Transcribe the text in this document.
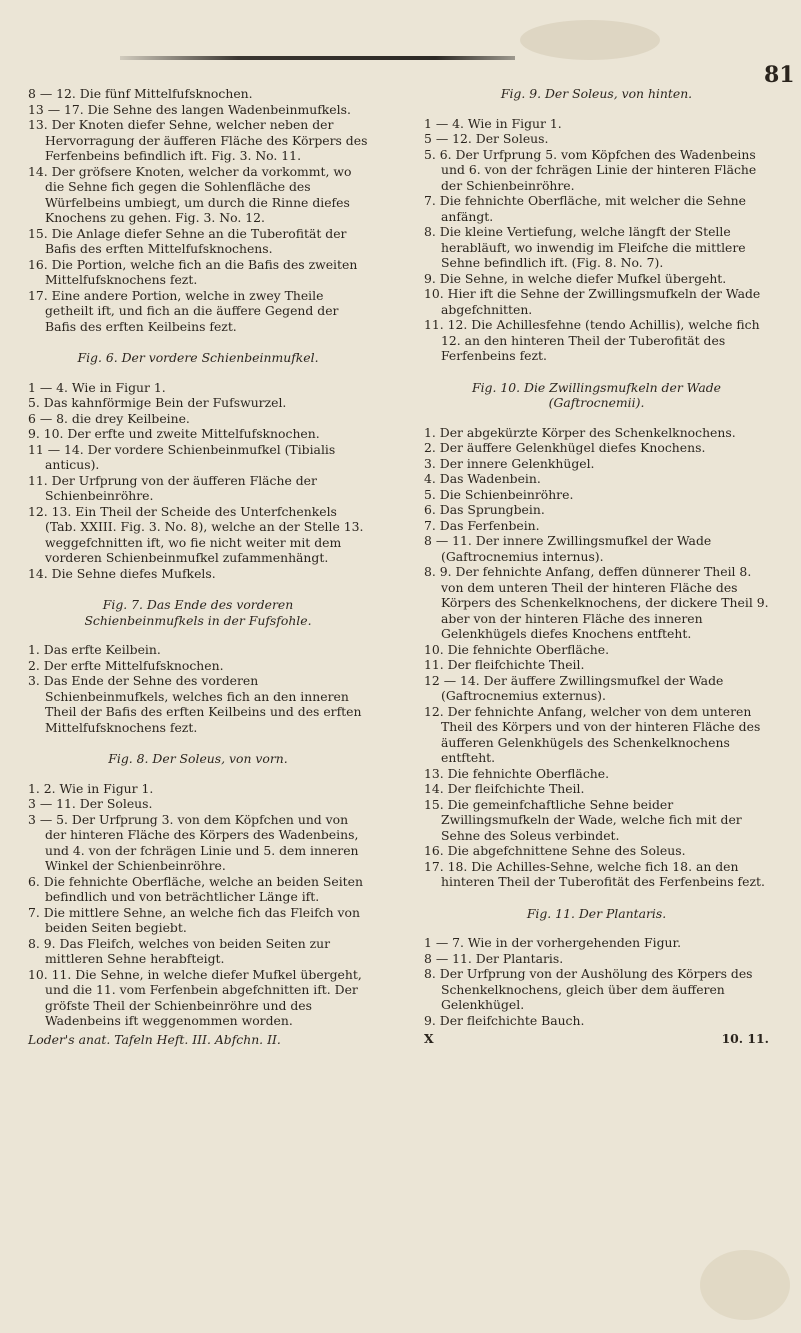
81

8 — 12. Die fünf Mittelfufsknochen.

13 — 17. Die Sehne des langen Wadenbeinmufkels.

13. Der Knoten diefer Sehne, welcher neben der Hervorragung der äufferen Fläche des Körpers des Ferfenbeins befindlich ift. Fig. 3. No. 11.

14. Der gröfsere Knoten, welcher da vorkommt, wo die Sehne fich gegen die Sohlenfläche des Würfelbeins umbiegt, um durch die Rinne diefes Knochens zu gehen. Fig. 3. No. 12.

15. Die Anlage diefer Sehne an die Tuberofität der Bafis des erften Mittelfufsknochens.

16. Die Portion, welche fich an die Bafis des zweiten Mittelfufsknochens fezt.

17. Eine andere Portion, welche in zwey Theile getheilt ift, und fich an die äuffere Gegend der Bafis des erften Keilbeins fezt.

Fig. 6. Der vordere Schienbeinmufkel.

1 — 4. Wie in Figur 1.

5. Das kahnförmige Bein der Fufswurzel.

6 — 8. die drey Keilbeine.

9. 10. Der erfte und zweite Mittelfufsknochen.

11 — 14. Der vordere Schienbeinmufkel (Tibialis anticus).

11. Der Urfprung von der äufferen Fläche der Schienbeinröhre.

12. 13. Ein Theil der Scheide des Unterfchenkels (Tab. XXIII. Fig. 3. No. 8), welche an der Stelle 13. weggefchnitten ift, wo fie nicht weiter mit dem vorderen Schienbeinmufkel zufammenhängt.

14. Die Sehne diefes Mufkels.

Fig. 7. Das Ende des vorderen Schienbeinmufkels in der Fufsfohle.

1. Das erfte Keilbein.

2. Der erfte Mittelfufsknochen.

3. Das Ende der Sehne des vorderen Schienbeinmufkels, welches fich an den inneren Theil der Bafis des erften Keilbeins und des erften Mittelfufsknochens fezt.

Fig. 8. Der Soleus, von vorn.

1. 2. Wie in Figur 1.

3 — 11. Der Soleus.

3 — 5. Der Urfprung 3. von dem Köpfchen und von der hinteren Fläche des Körpers des Wadenbeins, und 4. von der fchrägen Linie und 5. dem inneren Winkel der Schienbeinröhre.

6. Die fehnichte Oberfläche, welche an beiden Seiten befindlich und von beträchtlicher Länge ift.

7. Die mittlere Sehne, an welche fich das Fleifch von beiden Seiten begiebt.

8. 9. Das Fleifch, welches von beiden Seiten zur mittleren Sehne herabfteigt.

10. 11. Die Sehne, in welche diefer Mufkel übergeht, und die 11. vom Ferfenbein abgefchnitten ift. Der gröfste Theil der Schienbeinröhre und des Wadenbeins ift weggenommen worden.

Loder's anat. Tafeln Heft. III. Abfchn. II.

Fig. 9. Der Soleus, von hinten.

1 — 4. Wie in Figur 1.

5 — 12. Der Soleus.

5. 6. Der Urfprung 5. vom Köpfchen des Wadenbeins und 6. von der fchrägen Linie der hinteren Fläche der Schienbeinröhre.

7. Die fehnichte Oberfläche, mit welcher die Sehne anfängt.

8. Die kleine Vertiefung, welche längft der Stelle herabläuft, wo inwendig im Fleifche die mittlere Sehne befindlich ift. (Fig. 8. No. 7).

9. Die Sehne, in welche diefer Mufkel übergeht.

10. Hier ift die Sehne der Zwillingsmufkeln der Wade abgefchnitten.

11. 12. Die Achillesfehne (tendo Achillis), welche fich 12. an den hinteren Theil der Tuberofität des Ferfenbeins fezt.

Fig. 10. Die Zwillingsmufkeln der Wade (Gaftrocnemii).

1. Der abgekürzte Körper des Schenkelknochens.

2. Der äuffere Gelenkhügel diefes Knochens.

3. Der innere Gelenkhügel.

4. Das Wadenbein.

5. Die Schienbeinröhre.

6. Das Sprungbein.

7. Das Ferfenbein.

8 — 11. Der innere Zwillingsmufkel der Wade (Gaftrocnemius internus).

8. 9. Der fehnichte Anfang, deffen dünnerer Theil 8. von dem unteren Theil der hinteren Fläche des Körpers des Schenkelknochens, der dickere Theil 9. aber von der hinteren Fläche des inneren Gelenkhügels diefes Knochens entfteht.

10. Die fehnichte Oberfläche.

11. Der fleifchichte Theil.

12 — 14. Der äuffere Zwillingsmufkel der Wade (Gaftrocnemius externus).

12. Der fehnichte Anfang, welcher von dem unteren Theil des Körpers und von der hinteren Fläche des äufferen Gelenkhügels des Schenkelknochens entfteht.

13. Die fehnichte Oberfläche.

14. Der fleifchichte Theil.

15. Die gemeinfchaftliche Sehne beider Zwillingsmufkeln der Wade, welche fich mit der Sehne des Soleus verbindet.

16. Die abgefchnittene Sehne des Soleus.

17. 18. Die Achilles-Sehne, welche fich 18. an den hinteren Theil der Tuberofität des Ferfenbeins fezt.

Fig. 11. Der Plantaris.

1 — 7. Wie in der vorhergehenden Figur.

8 — 11. Der Plantaris.

8. Der Urfprung von der Aushölung des Körpers des Schenkelknochens, gleich über dem äufferen Gelenkhügel.

9. Der fleifchichte Bauch.

X	10. 11.
